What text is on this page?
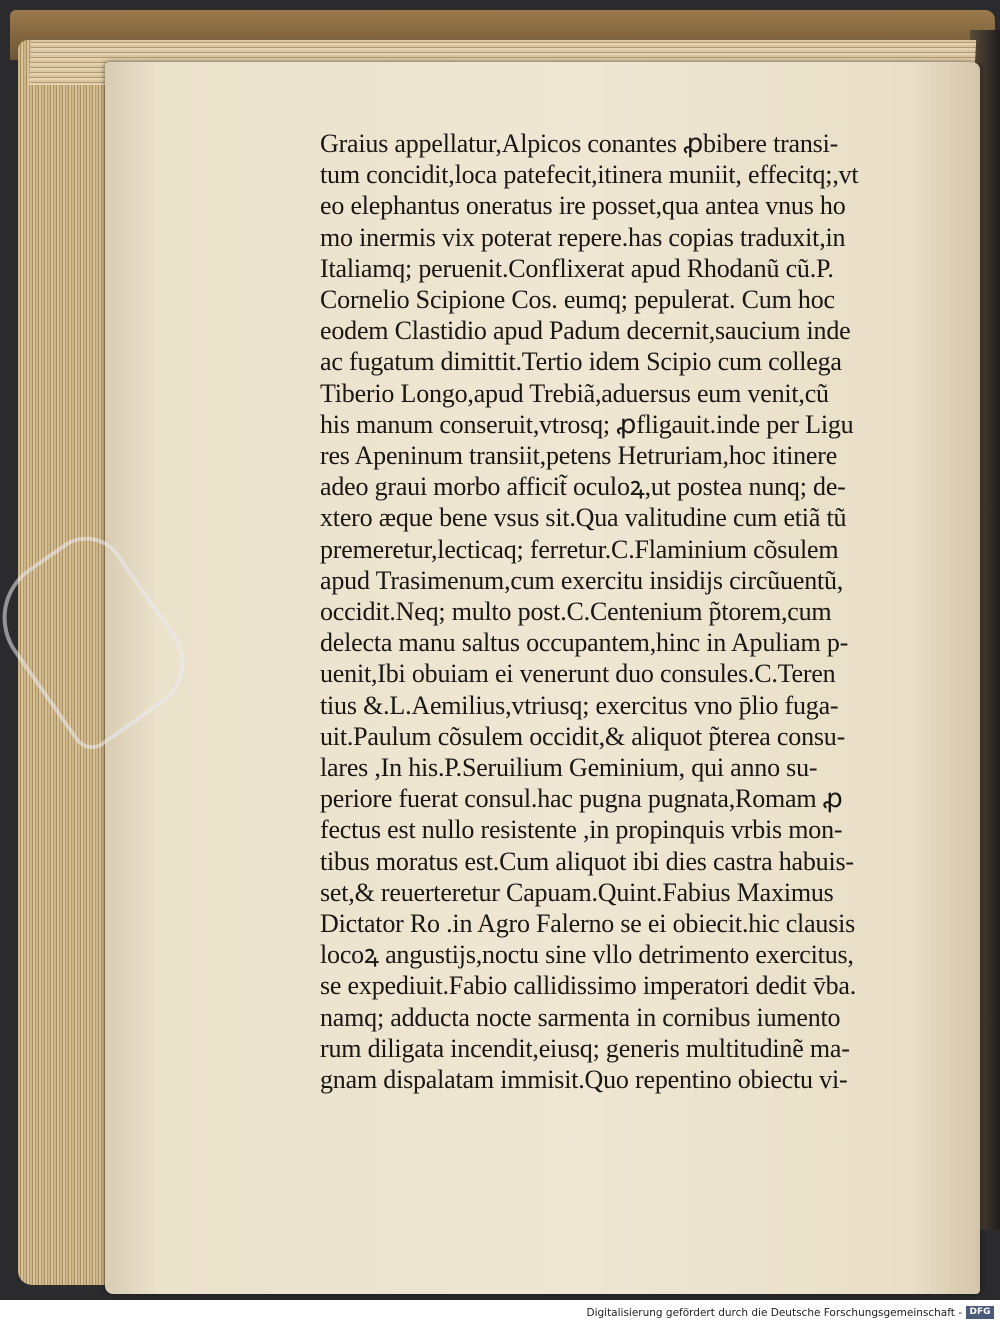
Graius appellatur,Alpicos conantes ꝓbibere transi-
tum concidit,loca patefecit,itinera muniit, effecitq;,vt
eo elephantus oneratus ire posset,qua antea vnus ho
mo inermis vix poterat repere.has copias traduxit,in
Italiamq; peruenit.Conflixerat apud Rhodanũ cũ.P.
Cornelio Scipione Cos. eumq; pepulerat. Cum hoc
eodem Clastidio apud Padum decernit,saucium inde
ac fugatum dimittit.Tertio idem Scipio cum collega
Tiberio Longo,apud Trebiã,aduersus eum venit,cũ
his manum conseruit,vtrosq; ꝓfligauit.inde per Ligu
res Apeninum transiit,petens Hetruriam,hoc itinere
adeo graui morbo afficit̃ oculoꝝ,ut postea nunq; de-
xtero æque bene vsus sit.Qua valitudine cum etiã tũ
premeretur,lecticaq; ferretur.C.Flaminium cõsulem
apud Trasimenum,cum exercitu insidijs circũuentũ,
occidit.Neq; multo post.C.Centenium p̃torem,cum
delecta manu saltus occupantem,hinc in Apuliam p-
uenit,Ibi obuiam ei venerunt duo consules.C.Teren
tius &.L.Aemilius,vtriusq; exercitus vno p̄lio fuga-
uit.Paulum cõsulem occidit,& aliquot p̃terea consu-
lares ,In his.P.Seruilium Geminium, qui anno su-
periore fuerat consul.hac pugna pugnata,Romam ꝓ
fectus est nullo resistente ,in propinquis vrbis mon-
tibus moratus est.Cum aliquot ibi dies castra habuis-
set,& reuerteretur Capuam.Quint.Fabius Maximus
Dictator Ro .in Agro Falerno se ei obiecit.hic clausis
locoꝝ angustijs,noctu sine vllo detrimento exercitus,
se expediuit.Fabio callidissimo imperatori dedit v̄ba.
namq; adducta nocte sarmenta in cornibus iumento
rum diligata incendit,eiusq; generis multitudinẽ ma-
gnam dispalatam immisit.Quo repentino obiectu vi-
Digitalisierung gefördert durch die Deutsche Forschungsgemeinschaft - DFG
